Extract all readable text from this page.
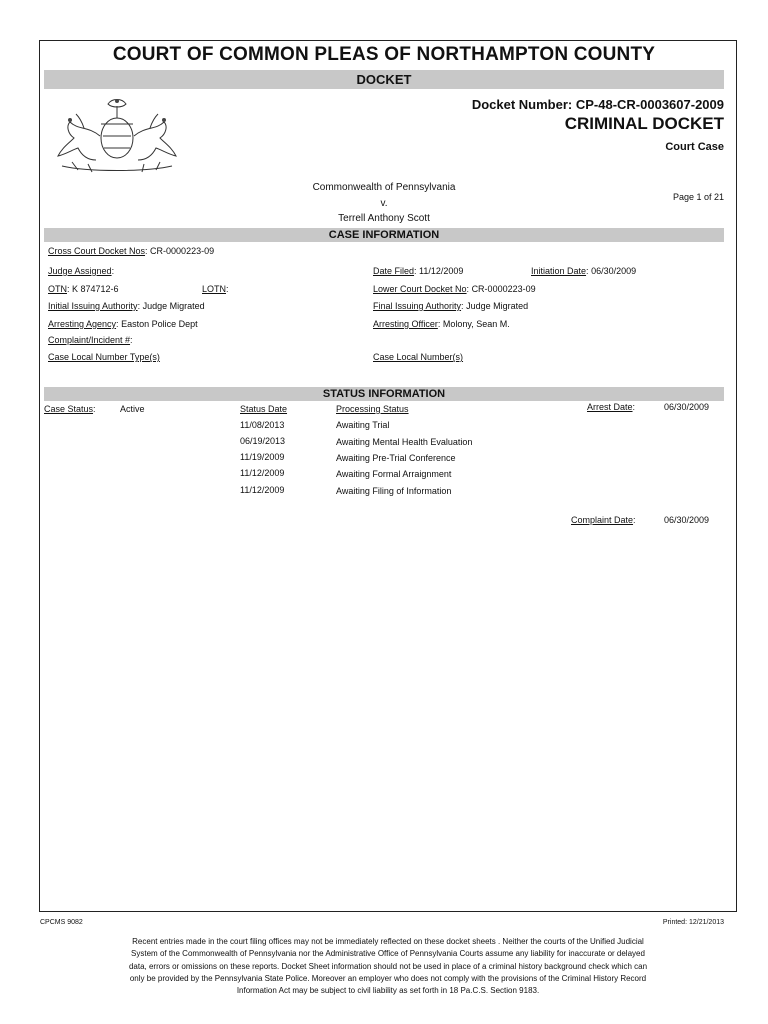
COURT OF COMMON PLEAS OF NORTHAMPTON COUNTY
DOCKET
Docket Number: CP-48-CR-0003607-2009
CRIMINAL DOCKET
Court Case
Commonwealth of Pennsylvania
v.
Terrell Anthony Scott
Page 1 of 21
CASE INFORMATION
Cross Court Docket Nos: CR-0000223-09
Judge Assigned:	Date Filed: 11/12/2009	Initiation Date: 06/30/2009
OTN: K 874712-6	LOTN:	Lower Court Docket No: CR-0000223-09
Initial Issuing Authority: Judge Migrated	Final Issuing Authority: Judge Migrated
Arresting Agency: Easton Police Dept	Arresting Officer: Molony, Sean M.
Complaint/Incident #:
Case Local Number Type(s)	Case Local Number(s)
STATUS INFORMATION
Case Status:	Active	Status Date	Processing Status	Arrest Date:	06/30/2009
11/08/2013	Awaiting Trial
06/19/2013	Awaiting Mental Health Evaluation
11/19/2009	Awaiting Pre-Trial Conference
11/12/2009	Awaiting Formal Arraignment
11/12/2009	Awaiting Filing of Information
Complaint Date:	06/30/2009
CPCMS 9082	Printed: 12/21/2013
Recent entries made in the court filing offices may not be immediately reflected on these docket sheets . Neither the courts of the Unified Judicial
System of the Commonwealth of Pennsylvania nor the Administrative Office of Pennsylvania Courts assume any liability for inaccurate or delayed
data, errors or omissions on these reports. Docket Sheet information should not be used in place of a criminal history background check which can
only be provided by the Pennsylvania State Police. Moreover an employer who does not comply with the provisions of the Criminal History Record
Information Act may be subject to civil liability as set forth in 18 Pa.C.S. Section 9183.
